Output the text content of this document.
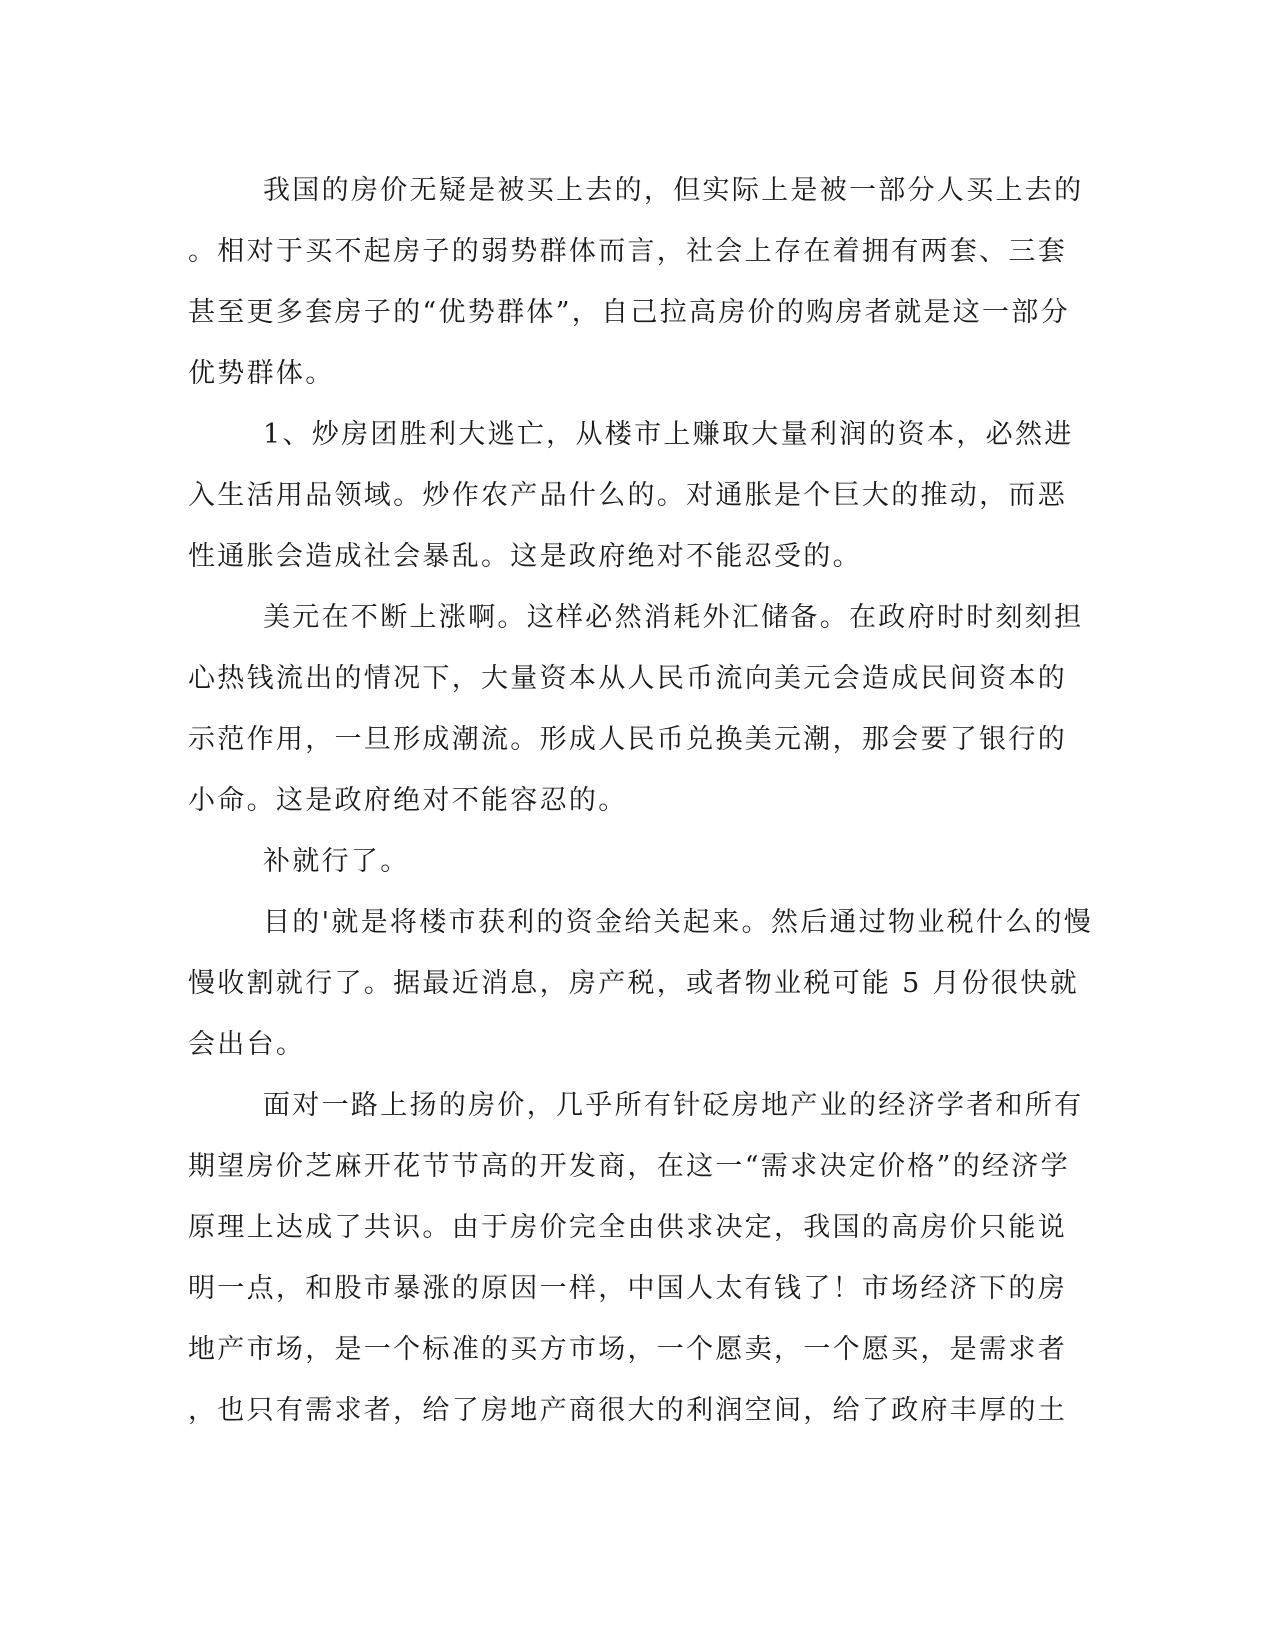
我国的房价无疑是被买上去的，但实际上是被一部分人买上去的
。相对于买不起房子的弱势群体而言，社会上存在着拥有两套、三套
甚至更多套房子的“优势群体”，自己拉高房价的购房者就是这一部分
优势群体。
1、炒房团胜利大逃亡，从楼市上赚取大量利润的资本，必然进
入生活用品领域。炒作农产品什么的。对通胀是个巨大的推动，而恶
性通胀会造成社会暴乱。这是政府绝对不能忍受的。
美元在不断上涨啊。这样必然消耗外汇储备。在政府时时刻刻担
心热钱流出的情况下，大量资本从人民币流向美元会造成民间资本的
示范作用，一旦形成潮流。形成人民币兑换美元潮，那会要了银行的
小命。这是政府绝对不能容忍的。
补就行了。
目的'就是将楼市获利的资金给关起来。然后通过物业税什么的慢
慢收割就行了。据最近消息，房产税，或者物业税可能 5 月份很快就
会出台。
面对一路上扬的房价，几乎所有针砭房地产业的经济学者和所有
期望房价芝麻开花节节高的开发商，在这一“需求决定价格”的经济学
原理上达成了共识。由于房价完全由供求决定，我国的高房价只能说
明一点，和股市暴涨的原因一样，中国人太有钱了！市场经济下的房
地产市场，是一个标准的买方市场，一个愿卖，一个愿买，是需求者
，也只有需求者，给了房地产商很大的利润空间，给了政府丰厚的土
